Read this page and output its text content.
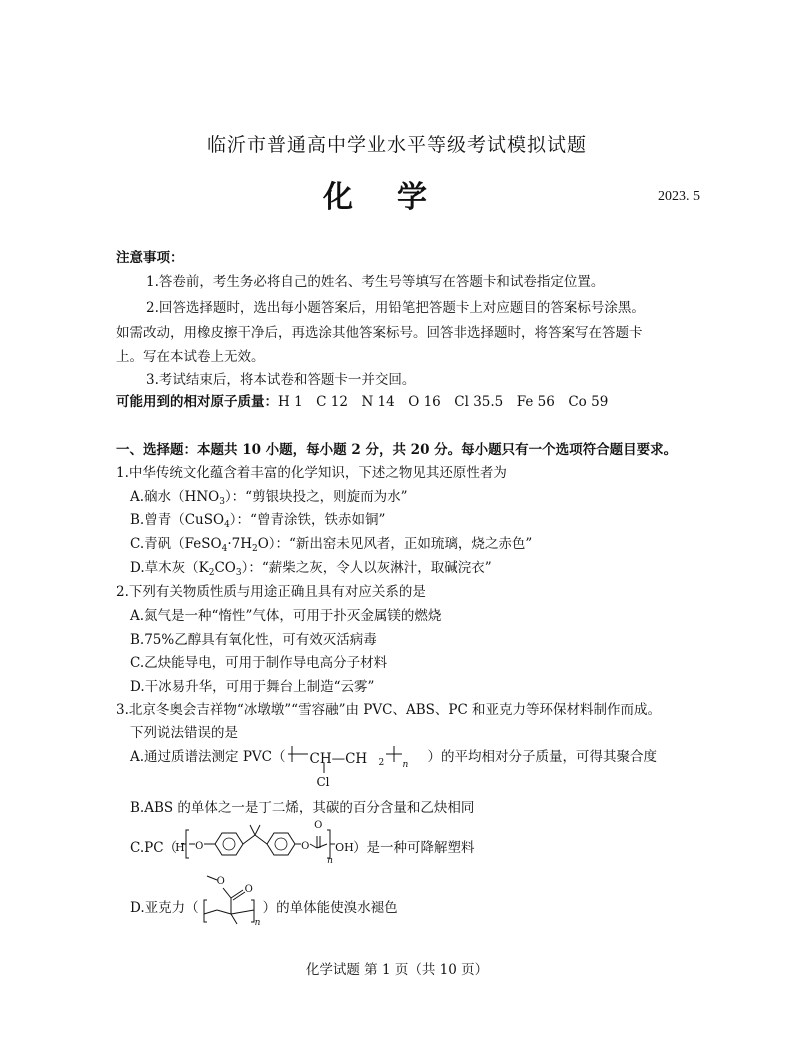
临沂市普通高中学业水平等级考试模拟试题
化学	2023. 5
注意事项：
1.答卷前，考生务必将自己的姓名、考生号等填写在答题卡和试卷指定位置。
2.回答选择题时，选出每小题答案后，用铅笔把答题卡上对应题目的答案标号涂黑。
如需改动，用橡皮擦干净后，再选涂其他答案标号。回答非选择题时，将答案写在答题卡
上。写在本试卷上无效。
3.考试结束后，将本试卷和答题卡一并交回。
可能用到的相对原子质量：H 1　C 12　N 14　O 16　Cl 35.5　Fe 56　Co 59
一、选择题：本题共 10 小题，每小题 2 分，共 20 分。每小题只有一个选项符合题目要求。
1.中华传统文化蕴含着丰富的化学知识，下述之物见其还原性者为
A.硇水$(HNO_3)$：“剪银块投之，则旋而为水”
B.曾青（CuSO$_4$）：“曾青涂铁，铁赤如铜”
C.青矾$(FeSO_4\cdot 7H_2O)$：“新出窑未见风者，正如琉璃，烧之赤色”
D.草木灰$(K_2CO_3)$：“薪柴之灰，令人以灰淋汁，取碱浣衣”
2.下列有关物质性质与用途正确且具有对应关系的是
A.氮气是一种“惰性”气体，可用于扑灭金属镁的燃烧
B.75%乙醇具有氧化性，可有效灭活病毒
C.乙炔能导电，可用于制作导电高分子材料
D.干冰易升华，可用于舞台上制造“云雾”
3.北京冬奥会吉祥物“冰墩墩”“雪容融”由 PVC、ABS、PC 和亚克力等环保材料制作而成。
下列说法错误的是
A.通过质谱法测定 PVC（ CH—CH 2 n
Cl
）的平均相对分子质量，可得其聚合度
B.ABS 的单体之一是丁二烯，其碳的百分含量和乙炔相同
C.PC（
H O	O
O
n
OH ）是一种可降解塑料
D.亚克力（
O
O
n
）的单体能使溴水褪色
化学试题 第 1 页（共 10 页）
